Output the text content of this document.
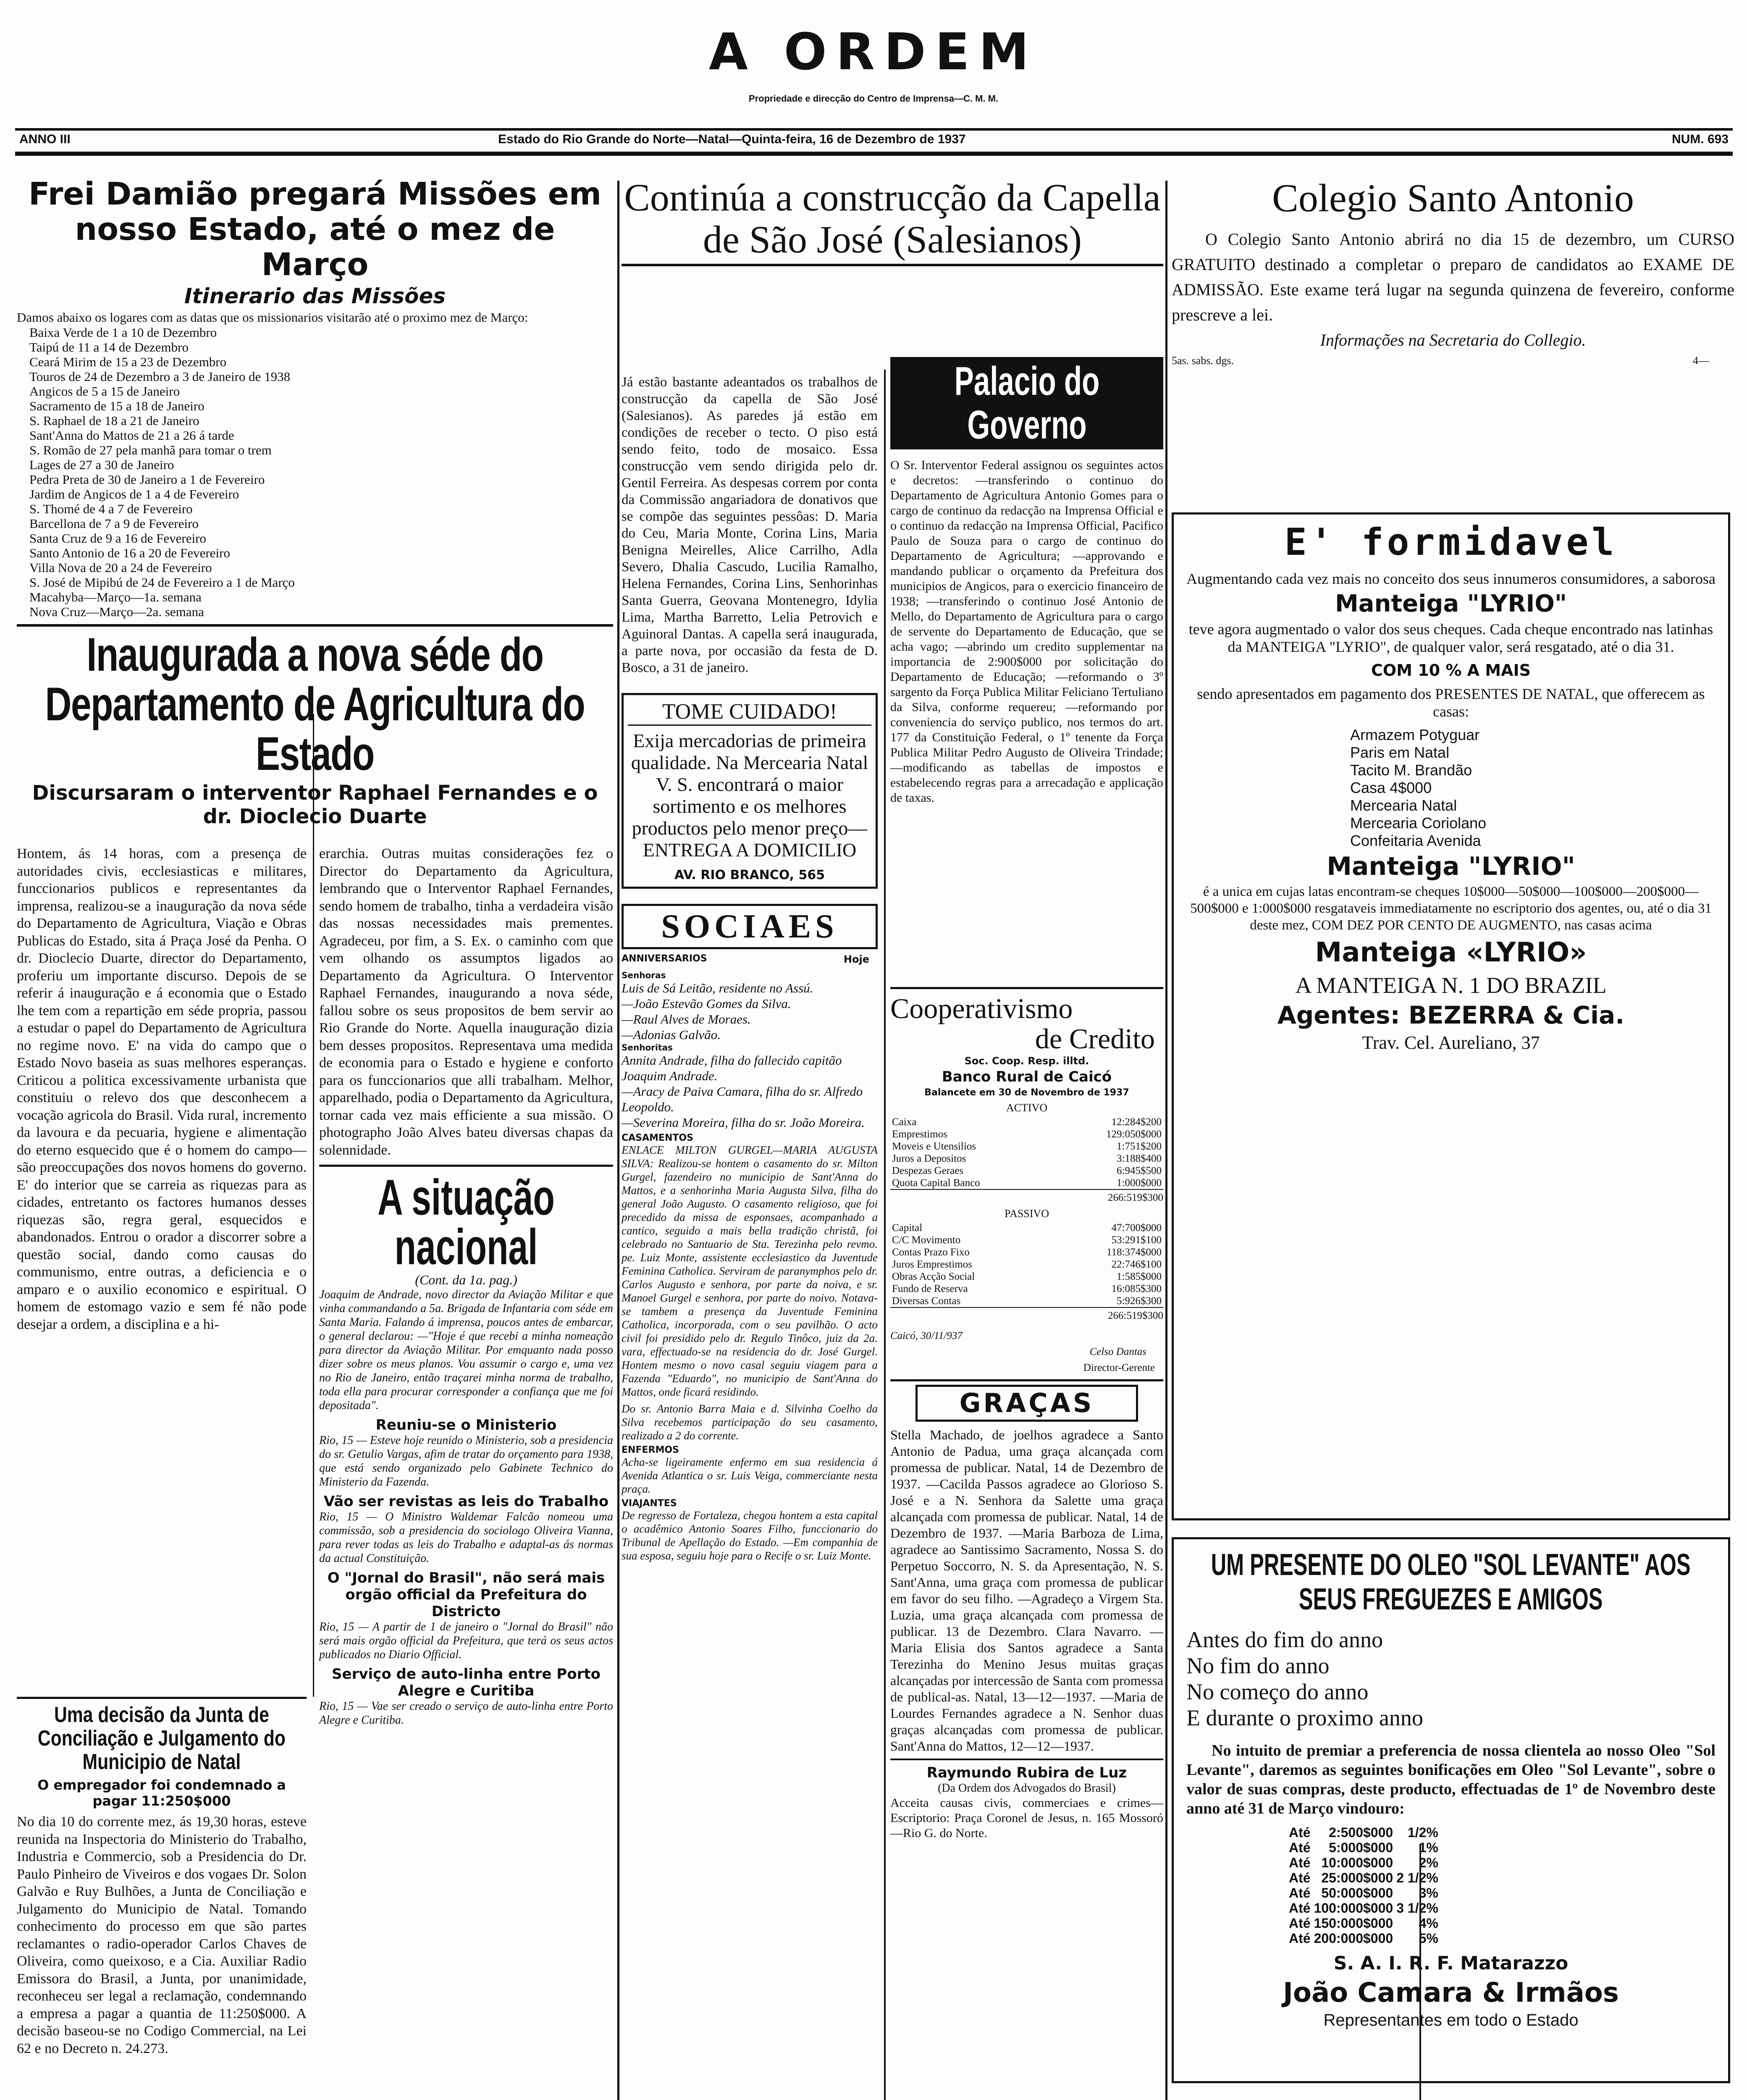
A ORDEM
Propriedade e direcção do Centro de Imprensa—C. M. M.
ANNO III	Estado do Rio Grande do Norte—Natal—Quinta-feira, 16 de Dezembro de 1937	NUM. 693
Frei Damião pregará Missões em nosso Estado, até o mez de Março
Itinerario das Missões
Damos abaixo os logares com as datas que os missionarios visitarão até o proximo mez de Março:
Baixa Verde de 1 a 10 de Dezembro
Taipú de 11 a 14 de Dezembro
Ceará Mirim de 15 a 23 de Dezembro
Touros de 24 de Dezembro a 3 de Janeiro de 1938
Angicos de 5 a 15 de Janeiro
Sacramento de 15 a 18 de Janeiro
S. Raphael de 18 a 21 de Janeiro
Sant'Anna do Mattos de 21 a 26 á tarde
S. Romão de 27 pela manhã para tomar o trem
Lages de 27 a 30 de Janeiro
Pedra Preta de 30 de Janeiro a 1 de Fevereiro
Jardim de Angicos de 1 a 4 de Fevereiro
S. Thomé de 4 a 7 de Fevereiro
Barcellona de 7 a 9 de Fevereiro
Santa Cruz de 9 a 16 de Fevereiro
Santo Antonio de 16 a 20 de Fevereiro
Villa Nova de 20 a 24 de Fevereiro
S. José de Mipibú de 24 de Fevereiro a 1 de Março
Macahyba—Março—1a. semana
Nova Cruz—Março—2a. semana
Inaugurada a nova séde do Departamento de Agricultura do Estado
Discursaram o interventor Raphael Fernandes e o dr. Dioclecio Duarte
Hontem, ás 14 horas, com a presença de autoridades civis, ecclesiasticas e militares, funccionarios publicos e representantes da imprensa, realizou-se a inauguração da nova séde do Departamento de Agricultura, Viação e Obras Publicas do Estado, sita á Praça José da Penha. O dr. Dioclecio Duarte, director do Departamento, proferiu um importante discurso. Depois de se referir á inauguração e á economia que o Estado lhe tem com a repartição em séde propria, passou a estudar o papel do Departamento de Agricultura no regime novo. E' na vida do campo que o Estado Novo baseia as suas melhores esperanças. Criticou a politica excessivamente urbanista que constituiu o relevo dos que desconhecem a vocação agricola do Brasil. Vida rural, incremento da lavoura e da pecuaria, hygiene e alimentação do eterno esquecido que é o homem do campo—são preoccupações dos novos homens do governo. E' do interior que se carreia as riquezas para as cidades, entretanto os factores humanos desses riquezas são, regra geral, esquecidos e abandonados. Entrou o orador a discorrer sobre a questão social, dando como causas do communismo, entre outras, a deficiencia e o amparo e o auxilio economico e espiritual. O homem de estomago vazio e sem fé não pode desejar a ordem, a disciplina e a hi-
erarchia. Outras muitas considerações fez o Director do Departamento da Agricultura, lembrando que o Interventor Raphael Fernandes, sendo homem de trabalho, tinha a verdadeira visão das nossas necessidades mais prementes. Agradeceu, por fim, a S. Ex. o caminho com que vem olhando os assumptos ligados ao Departamento da Agricultura. O Interventor Raphael Fernandes, inaugurando a nova séde, fallou sobre os seus propositos de bem servir ao Rio Grande do Norte. Aquella inauguração dizia bem desses propositos. Representava uma medida de economia para o Estado e hygiene e conforto para os funccionarios que alli trabalham. Melhor, apparelhado, podia o Departamento da Agricultura, tornar cada vez mais efficiente a sua missão. O photographo João Alves bateu diversas chapas da solennidade.
A situação nacional
(Cont. da 1a. pag.)
Joaquim de Andrade, novo director da Aviação Militar e que vinha commandando a 5a. Brigada de Infantaria com séde em Santa Maria. Falando á imprensa, poucos antes de embarcar, o general declarou: —"Hoje é que recebi a minha nomeação para director da Aviação Militar. Por emquanto nada posso dizer sobre os meus planos. Vou assumir o cargo e, uma vez no Rio de Janeiro, então traçarei minha norma de trabalho, toda ella para procurar corresponder a confiança que me foi depositada".
Reuniu-se o Ministerio
Rio, 15 — Esteve hoje reunido o Ministerio, sob a presidencia do sr. Getulio Vargas, afim de tratar do orçamento para 1938, que está sendo organizado pelo Gabinete Technico do Ministerio da Fazenda.
Vão ser revistas as leis do Trabalho
Rio, 15 — O Ministro Waldemar Falcão nomeou uma commissão, sob a presidencia do sociologo Oliveira Vianna, para rever todas as leis do Trabalho e adaptal-as ás normas da actual Constituição.
O "Jornal do Brasil", não será mais orgão official da Prefeitura do Districto
Rio, 15 — A partir de 1 de janeiro o "Jornal do Brasil" não será mais orgão official da Prefeitura, que terá os seus actos publicados no Diario Official.
Serviço de auto-linha entre Porto Alegre e Curitiba
Rio, 15 — Vae ser creado o serviço de auto-linha entre Porto Alegre e Curitiba.
Uma decisão da Junta de Conciliação e Julgamento do Municipio de Natal
O empregador foi condemnado a pagar 11:250$000
No dia 10 do corrente mez, ás 19,30 horas, esteve reunida na Inspectoria do Ministerio do Trabalho, Industria e Commercio, sob a Presidencia do Dr. Paulo Pinheiro de Viveiros e dos vogaes Dr. Solon Galvão e Ruy Bulhões, a Junta de Conciliação e Julgamento do Municipio de Natal. Tomando conhecimento do processo em que são partes reclamantes o radio-operador Carlos Chaves de Oliveira, como queixoso, e a Cia. Auxiliar Radio Emissora do Brasil, a Junta, por unanimidade, reconheceu ser legal a reclamação, condemnando a empresa a pagar a quantia de 11:250$000. A decisão baseou-se no Codigo Commercial, na Lei 62 e no Decreto n. 24.273.
Continúa a construcção da Capella de São José (Salesianos)
Já estão bastante adeantados os trabalhos de construcção da capella de São José (Salesianos). As paredes já estão em condições de receber o tecto. O piso está sendo feito, todo de mosaico. Essa construcção vem sendo dirigida pelo dr. Gentil Ferreira. As despesas correm por conta da Commissão angariadora de donativos que se compõe das seguintes pessôas: D. Maria do Ceu, Maria Monte, Corina Lins, Maria Benigna Meirelles, Alice Carrilho, Adla Severo, Dhalia Cascudo, Lucilia Ramalho, Helena Fernandes, Corina Lins, Senhorinhas Santa Guerra, Geovana Montenegro, Idylia Lima, Martha Barretto, Lelia Petrovich e Aguinoral Dantas. A capella será inaugurada, a parte nova, por occasião da festa de D. Bosco, a 31 de janeiro.
TOME CUIDADO!
Exija mercadorias de primeira qualidade. Na Mercearia Natal V. S. encontrará o maior sortimento e os melhores productos pelo menor preço—ENTREGA A DOMICILIO
AV. RIO BRANCO, 565
SOCIAES
ANNIVERSARIOS	Hoje
Senhoras
Luis de Sá Leitão, residente no Assú.
—João Estevão Gomes da Silva.
—Raul Alves de Moraes.
—Adonias Galvão.
Senhoritas
Annita Andrade, filha do fallecido capitão Joaquim Andrade.
—Aracy de Paiva Camara, filha do sr. Alfredo Leopoldo.
—Severina Moreira, filha do sr. João Moreira.
CASAMENTOS
ENLACE MILTON GURGEL—MARIA AUGUSTA SILVA: Realizou-se hontem o casamento do sr. Milton Gurgel, fazendeiro no municipio de Sant'Anna do Mattos, e a senhorinha Maria Augusta Silva, filha do general João Augusto. O casamento religioso, que foi precedido da missa de esponsaes, acompanhado a cantico, seguido a mais bella tradição christã, foi celebrado no Santuario de Sta. Terezinha pelo revmo. pe. Luiz Monte, assistente ecclesiastico da Juventude Feminina Catholica. Serviram de paranymphos pelo dr. Carlos Augusto e senhora, por parte da noiva, e sr. Manoel Gurgel e senhora, por parte do noivo. Notava-se tambem a presença da Juventude Feminina Catholica, incorporada, com o seu pavilhão. O acto civil foi presidido pelo dr. Regulo Tinôco, juiz da 2a. vara, effectuado-se na residencia do dr. José Gurgel. Hontem mesmo o novo casal seguiu viagem para a Fazenda "Eduardo", no municipio de Sant'Anna do Mattos, onde ficará residindo.
Do sr. Antonio Barra Maia e d. Silvinha Coelho da Silva recebemos participação do seu casamento, realizado a 2 do corrente.
ENFERMOS
Acha-se ligeiramente enfermo em sua residencia á Avenida Atlantica o sr. Luis Veiga, commerciante nesta praça.
VIAJANTES
De regresso de Fortaleza, chegou hontem a esta capital o acadêmico Antonio Soares Filho, funccionario do Tribunal de Apellação do Estado. —Em companhia de sua esposa, seguiu hoje para o Recife o sr. Luiz Monte.
Palacio do Governo
O Sr. Interventor Federal assignou os seguintes actos e decretos: —transferindo o continuo do Departamento de Agricultura Antonio Gomes para o cargo de continuo da redacção na Imprensa Official e o continuo da redacção na Imprensa Official, Pacifico Paulo de Souza para o cargo de continuo do Departamento de Agricultura; —approvando e mandando publicar o orçamento da Prefeitura dos municipios de Angicos, para o exercicio financeiro de 1938; —transferindo o continuo José Antonio de Mello, do Departamento de Agricultura para o cargo de servente do Departamento de Educação, que se acha vago; —abrindo um credito supplementar na importancia de 2:900$000 por solicitação do Departamento de Educação; —reformando o 3º sargento da Força Publica Militar Feliciano Tertuliano da Silva, conforme requereu; —reformando por conveniencia do serviço publico, nos termos do art. 177 da Constituição Federal, o 1º tenente da Força Publica Militar Pedro Augusto de Oliveira Trindade; —modificando as tabellas de impostos e estabelecendo regras para a arrecadação e applicação de taxas.
Cooperativismo
de Credito
Soc. Coop. Resp. illtd.
Banco Rural de Caicó
Balancete em 30 de Novembro de 1937
ACTIVO
Caixa	12:284$200
Emprestimos	129:050$000
Moveis e Utensilios	1:751$200
Juros a Depositos	3:188$400
Despezas Geraes	6:945$500
Quota Capital Banco	1:000$000
266:519$300
PASSIVO
Capital	47:700$000
C/C Movimento	53:291$100
Contas Prazo Fixo	118:374$000
Juros Emprestimos	22:746$100
Obras Acção Social	1:585$000
Fundo de Reserva	16:085$300
Diversas Contas	5:926$300
266:519$300
Caicó, 30/11/937
Celso Dantas
Director-Gerente
GRAÇAS
Stella Machado, de joelhos agradece a Santo Antonio de Padua, uma graça alcançada com promessa de publicar. Natal, 14 de Dezembro de 1937. —Cacilda Passos agradece ao Glorioso S. José e a N. Senhora da Salette uma graça alcançada com promessa de publicar. Natal, 14 de Dezembro de 1937. —Maria Barboza de Lima, agradece ao Santissimo Sacramento, Nossa S. do Perpetuo Soccorro, N. S. da Apresentação, N. S. Sant'Anna, uma graça com promessa de publicar em favor do seu filho. —Agradeço a Virgem Sta. Luzia, uma graça alcançada com promessa de publicar. 13 de Dezembro. Clara Navarro. —Maria Elisia dos Santos agradece a Santa Terezinha do Menino Jesus muitas graças alcançadas por intercessão de Santa com promessa de publical-as. Natal, 13—12—1937. —Maria de Lourdes Fernandes agradece a N. Senhor duas graças alcançadas com promessa de publicar. Sant'Anna do Mattos, 12—12—1937.
Raymundo Rubira de Luz
(Da Ordem dos Advogados do Brasil)
Acceita causas civis, commerciaes e crimes—Escriptorio: Praça Coronel de Jesus, n. 165 Mossoró—Rio G. do Norte.
Colegio Santo Antonio
O Colegio Santo Antonio abrirá no dia 15 de dezembro, um CURSO GRATUITO destinado a completar o preparo de candidatos ao EXAME DE ADMISSÃO. Este exame terá lugar na segunda quinzena de fevereiro, conforme prescreve a lei.
Informações na Secretaria do Collegio.
5as. sabs. dgs.	4—
E' formidavel
Augmentando cada vez mais no conceito dos seus innumeros consumidores, a saborosa
Manteiga "LYRIO"
teve agora augmentado o valor dos seus cheques. Cada cheque encontrado nas latinhas da MANTEIGA "LYRIO", de qualquer valor, será resgatado, até o dia 31.
COM 10 % A MAIS
sendo apresentados em pagamento dos PRESENTES DE NATAL, que offerecem as casas:
Armazem Potyguar
Paris em Natal
Tacito M. Brandão
Casa 4$000
Mercearia Natal
Mercearia Coriolano
Confeitaria Avenida
Manteiga "LYRIO"
é a unica em cujas latas encontram-se cheques 10$000—50$000—100$000—200$000—500$000 e 1:000$000 resgataveis immediatamente no escriptorio dos agentes, ou, até o dia 31 deste mez, COM DEZ POR CENTO DE AUGMENTO, nas casas acima
Manteiga «LYRIO»
A MANTEIGA N. 1 DO BRAZIL
Agentes: BEZERRA & Cia.
Trav. Cel. Aureliano, 37
UM PRESENTE DO OLEO "SOL LEVANTE" AOS SEUS FREGUEZES E AMIGOS
Antes do fim do anno
No fim do anno
No começo do anno
E durante o proximo anno
No intuito de premiar a preferencia de nossa clientela ao nosso Oleo "Sol Levante", daremos as seguintes bonificações em Oleo "Sol Levante", sobre o valor de suas compras, deste producto, effectuadas de 1º de Novembro deste anno até 31 de Março vindouro:
Até	2:500$000	1/2%
Até	5:000$000	1%
Até	10:000$000	2%
Até	25:000$000	2 1/2%
Até	50:000$000	3%
Até	100:000$000	3 1/2%
Até	150:000$000	4%
Até	200:000$000	5%
S. A. I. R. F. Matarazzo
João Camara & Irmãos
Representantes em todo o Estado
